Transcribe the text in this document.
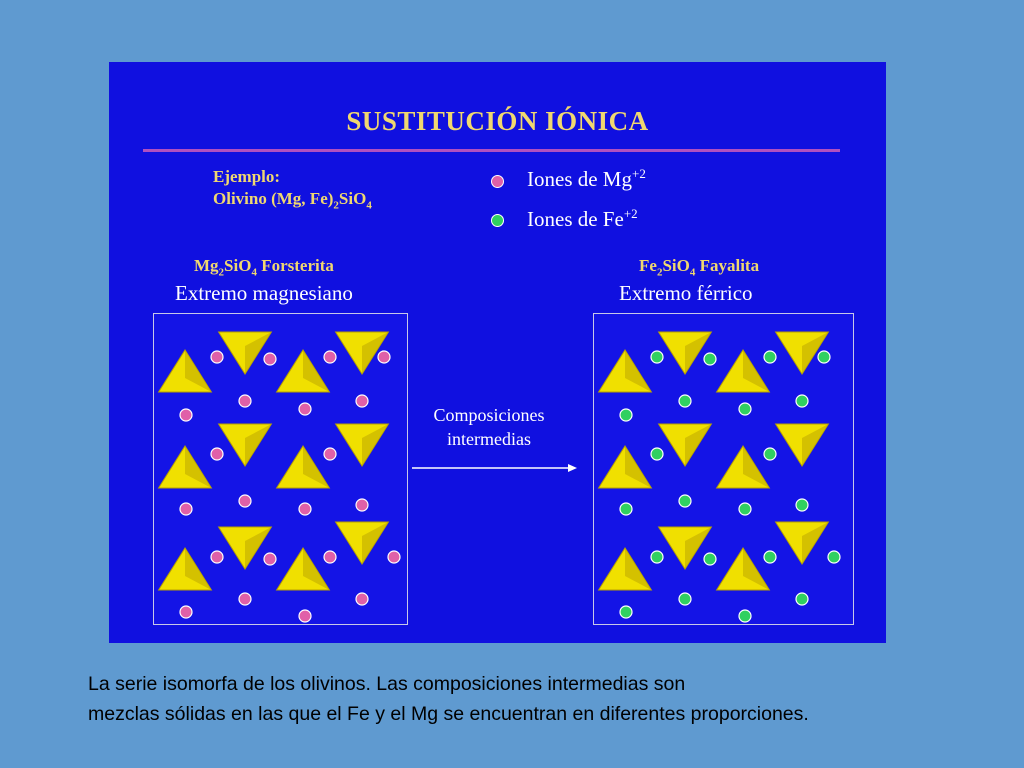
SUSTITUCIÓN IÓNICA
Ejemplo:
Olivino (Mg, $Fe)_2SiO_4$
Iones de $Mg^{+2}$
Iones de $Fe^{+2}$
$Mg_2SiO_4$ Forsterita
Extremo magnesiano
$Fe_2SiO_4$ Fayalita
Extremo férrico
Composiciones
intermedias
La serie isomorfa de los olivinos. Las composiciones intermedias son
mezclas sólidas en las que el Fe y el Mg se encuentran en diferentes proporciones.
